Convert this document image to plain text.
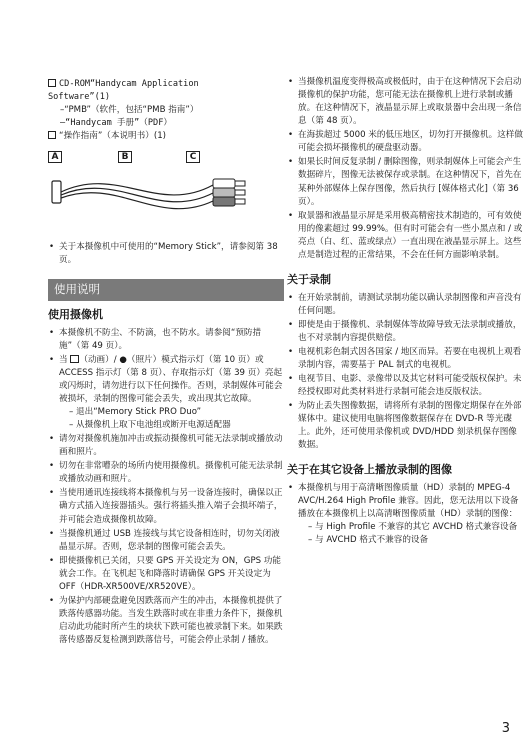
CD-ROM“Handycam Application
Software”(1)
–“PMB”（软件，包括“PMB 指南”）
–“Handycam 手册”（PDF）
“操作指南”（本说明书）(1)
A	B	C
• 关于本摄像机中可使用的“Memory Stick”，请参阅第 38 页。
使用说明
使用摄像机
• 本摄像机不防尘、不防滴，也不防水。请参阅“预防措施”（第 49 页）。
• 当 （动画）/ ●（照片）模式指示灯（第 10 页）或 ACCESS 指示灯（第 8 页）、存取指示灯（第 39 页）亮起或闪烁时，请勿进行以下任何操作。否则，录制媒体可能会被损坏，录制的图像可能会丢失，或出现其它故障。
– 退出“Memory Stick PRO Duo”
– 从摄像机上取下电池组或断开电源适配器
• 请勿对摄像机施加冲击或振动摄像机可能无法录制或播放动画和照片。
• 切勿在非常嘈杂的场所内使用摄像机。摄像机可能无法录制或播放动画和照片。
• 当使用通讯连接线将本摄像机与另一设备连接时，确保以正确方式插入连接器插头。强行将插头推入端子会损坏端子，并可能会造成摄像机故障。
• 当摄像机通过 USB 连接线与其它设备相连时，切勿关闭液晶显示屏。否则，您录制的图像可能会丢失。
• 即使摄像机已关闭，只要 GPS 开关设定为 ON，GPS 功能就会工作。在飞机起飞和降落时请确保 GPS 开关设定为 OFF（HDR-XR500VE/XR520VE）。
• 为保护内部硬盘避免因跌落而产生的冲击，本摄像机提供了跌落传感器功能。当发生跌落时或在非重力条件下，摄像机启动此功能时所产生的块状下跌可能也被录制下来。如果跌落传感器反复检测到跌落信号，可能会停止录制 / 播放。
• 当摄像机温度变得极高或极低时，由于在这种情况下会启动摄像机的保护功能，您可能无法在摄像机上进行录制或播放。在这种情况下，液晶显示屏上或取景器中会出现一条信息（第 48 页）。
• 在海拔超过 5000 米的低压地区，切勿打开摄像机。这样做可能会损坏摄像机的硬盘驱动器。
• 如果长时间反复录制 / 删除图像，则录制媒体上可能会产生数据碎片，图像无法被保存或录制。在这种情况下，首先在某种外部媒体上保存图像，然后执行 [媒体格式化]（第 36 页）。
• 取景器和液晶显示屏是采用极高精密技术制造的，可有效使用的像素超过 99.99%。但有时可能会有一些小黑点和 / 或亮点（白、红、蓝或绿点）一直出现在液晶显示屏上。这些点是制造过程的正常结果，不会在任何方面影响录制。
关于录制
• 在开始录制前，请测试录制功能以确认录制图像和声音没有任何问题。
• 即使是由于摄像机、录制媒体等故障导致无法录制或播放，也不对录制内容提供赔偿。
• 电视机彩色制式因各国家 / 地区而异。若要在电视机上观看录制内容，需要基于 PAL 制式的电视机。
• 电视节目、电影、录像带以及其它材料可能受版权保护。未经授权即对此类材料进行录制可能会违反版权法。
• 为防止丢失图像数据，请将所有录制的图像定期保存在外部媒体中。建议使用电脑将图像数据保存在 DVD-R 等光碟上。此外，还可使用录像机或 DVD/HDD 刻录机保存图像数据。
关于在其它设备上播放录制的图像
• 本摄像机与用于高清晰图像质量（HD）录制的 MPEG-4 AVC/H.264 High Profile 兼容。因此，您无法用以下设备播放在本摄像机上以高清晰图像质量（HD）录制的图像：
– 与 High Profile 不兼容的其它 AVCHD 格式兼容设备
– 与 AVCHD 格式不兼容的设备
3
